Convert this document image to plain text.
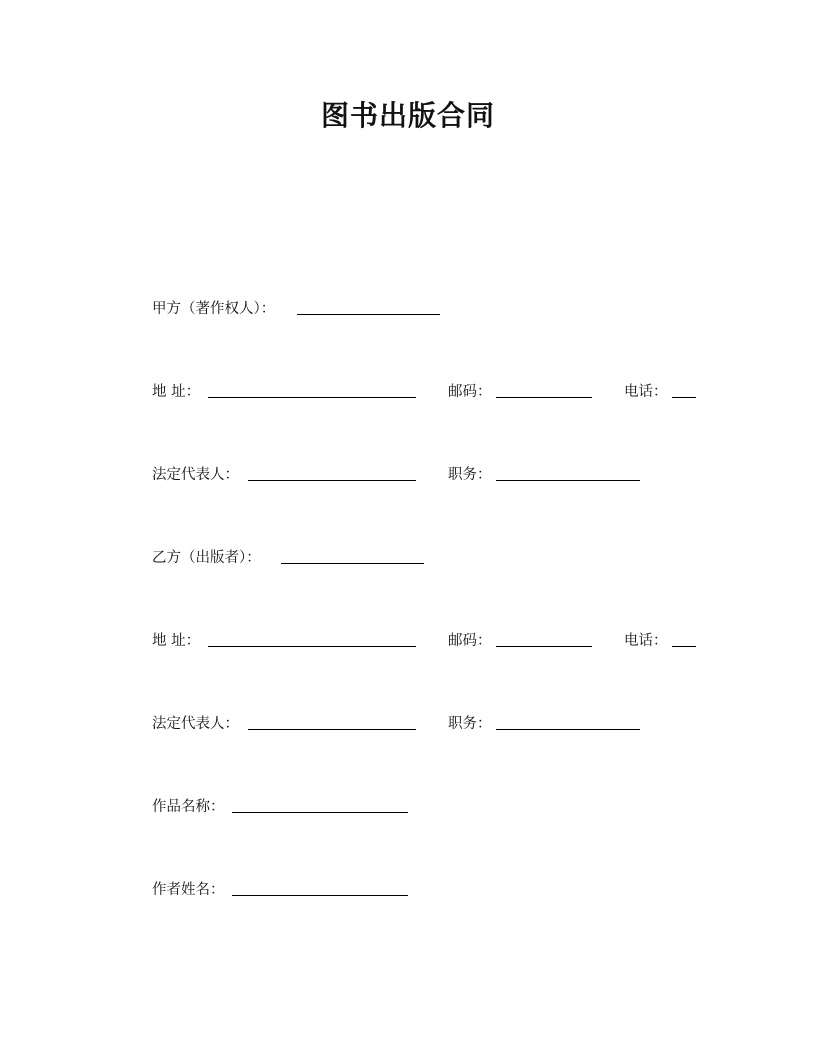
图书出版合同
甲方（著作权人）：
地 址：	邮码：	电话：
法定代表人：	职务：
乙方（出版者）：
地 址：	邮码：	电话：
法定代表人：	职务：
作品名称：
作者姓名：
